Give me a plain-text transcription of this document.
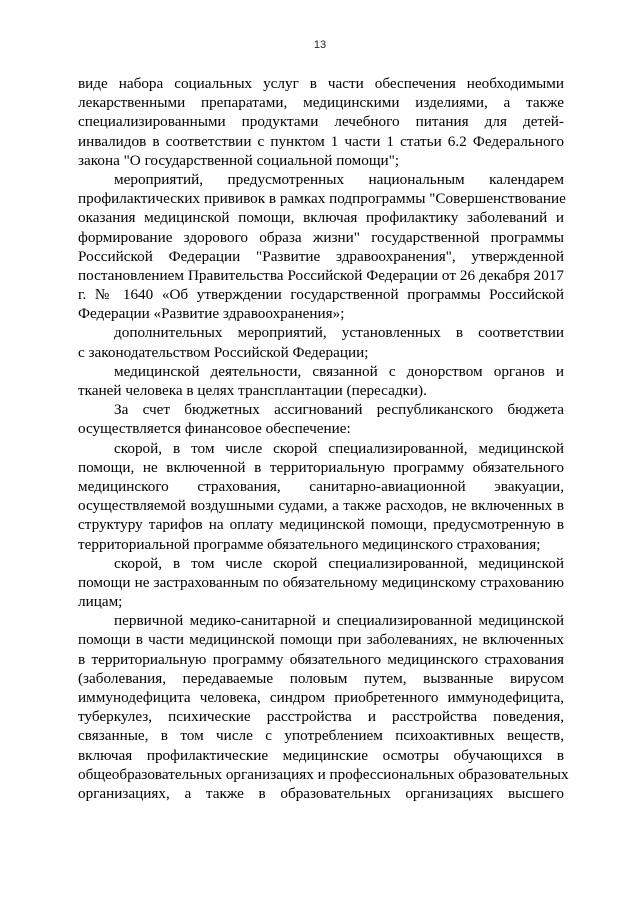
13
виде набора социальных услуг в части обеспечения необходимыми
лекарственными препаратами, медицинскими изделиями, а также
специализированными продуктами лечебного питания для детей-
инвалидов в соответствии с пунктом 1 части 1 статьи 6.2 Федерального
закона "О государственной социальной помощи";
мероприятий, предусмотренных национальным календарем
профилактических прививок в рамках подпрограммы "Совершенствование
оказания медицинской помощи, включая профилактику заболеваний и
формирование здорового образа жизни" государственной программы
Российской Федерации "Развитие здравоохранения", утвержденной
постановлением Правительства Российской Федерации от 26 декабря 2017
г. № 1640 «Об утверждении государственной программы Российской
Федерации «Развитие здравоохранения»;
дополнительных мероприятий, установленных в соответствии
с законодательством Российской Федерации;
медицинской деятельности, связанной с донорством органов и
тканей человека в целях трансплантации (пересадки).
За счет бюджетных ассигнований республиканского бюджета
осуществляется финансовое обеспечение:
скорой, в том числе скорой специализированной, медицинской
помощи, не включенной в территориальную программу обязательного
медицинского страхования, санитарно-авиационной эвакуации,
осуществляемой воздушными судами, а также расходов, не включенных в
структуру тарифов на оплату медицинской помощи, предусмотренную в
территориальной программе обязательного медицинского страхования;
скорой, в том числе скорой специализированной, медицинской
помощи не застрахованным по обязательному медицинскому страхованию
лицам;
первичной медико-санитарной и специализированной медицинской
помощи в части медицинской помощи при заболеваниях, не включенных
в территориальную программу обязательного медицинского страхования
(заболевания, передаваемые половым путем, вызванные вирусом
иммунодефицита человека, синдром приобретенного иммунодефицита,
туберкулез, психические расстройства и расстройства поведения,
связанные, в том числе с употреблением психоактивных веществ,
включая профилактические медицинские осмотры обучающихся в
общеобразовательных организациях и профессиональных образовательных
организациях, а также в образовательных организациях высшего
